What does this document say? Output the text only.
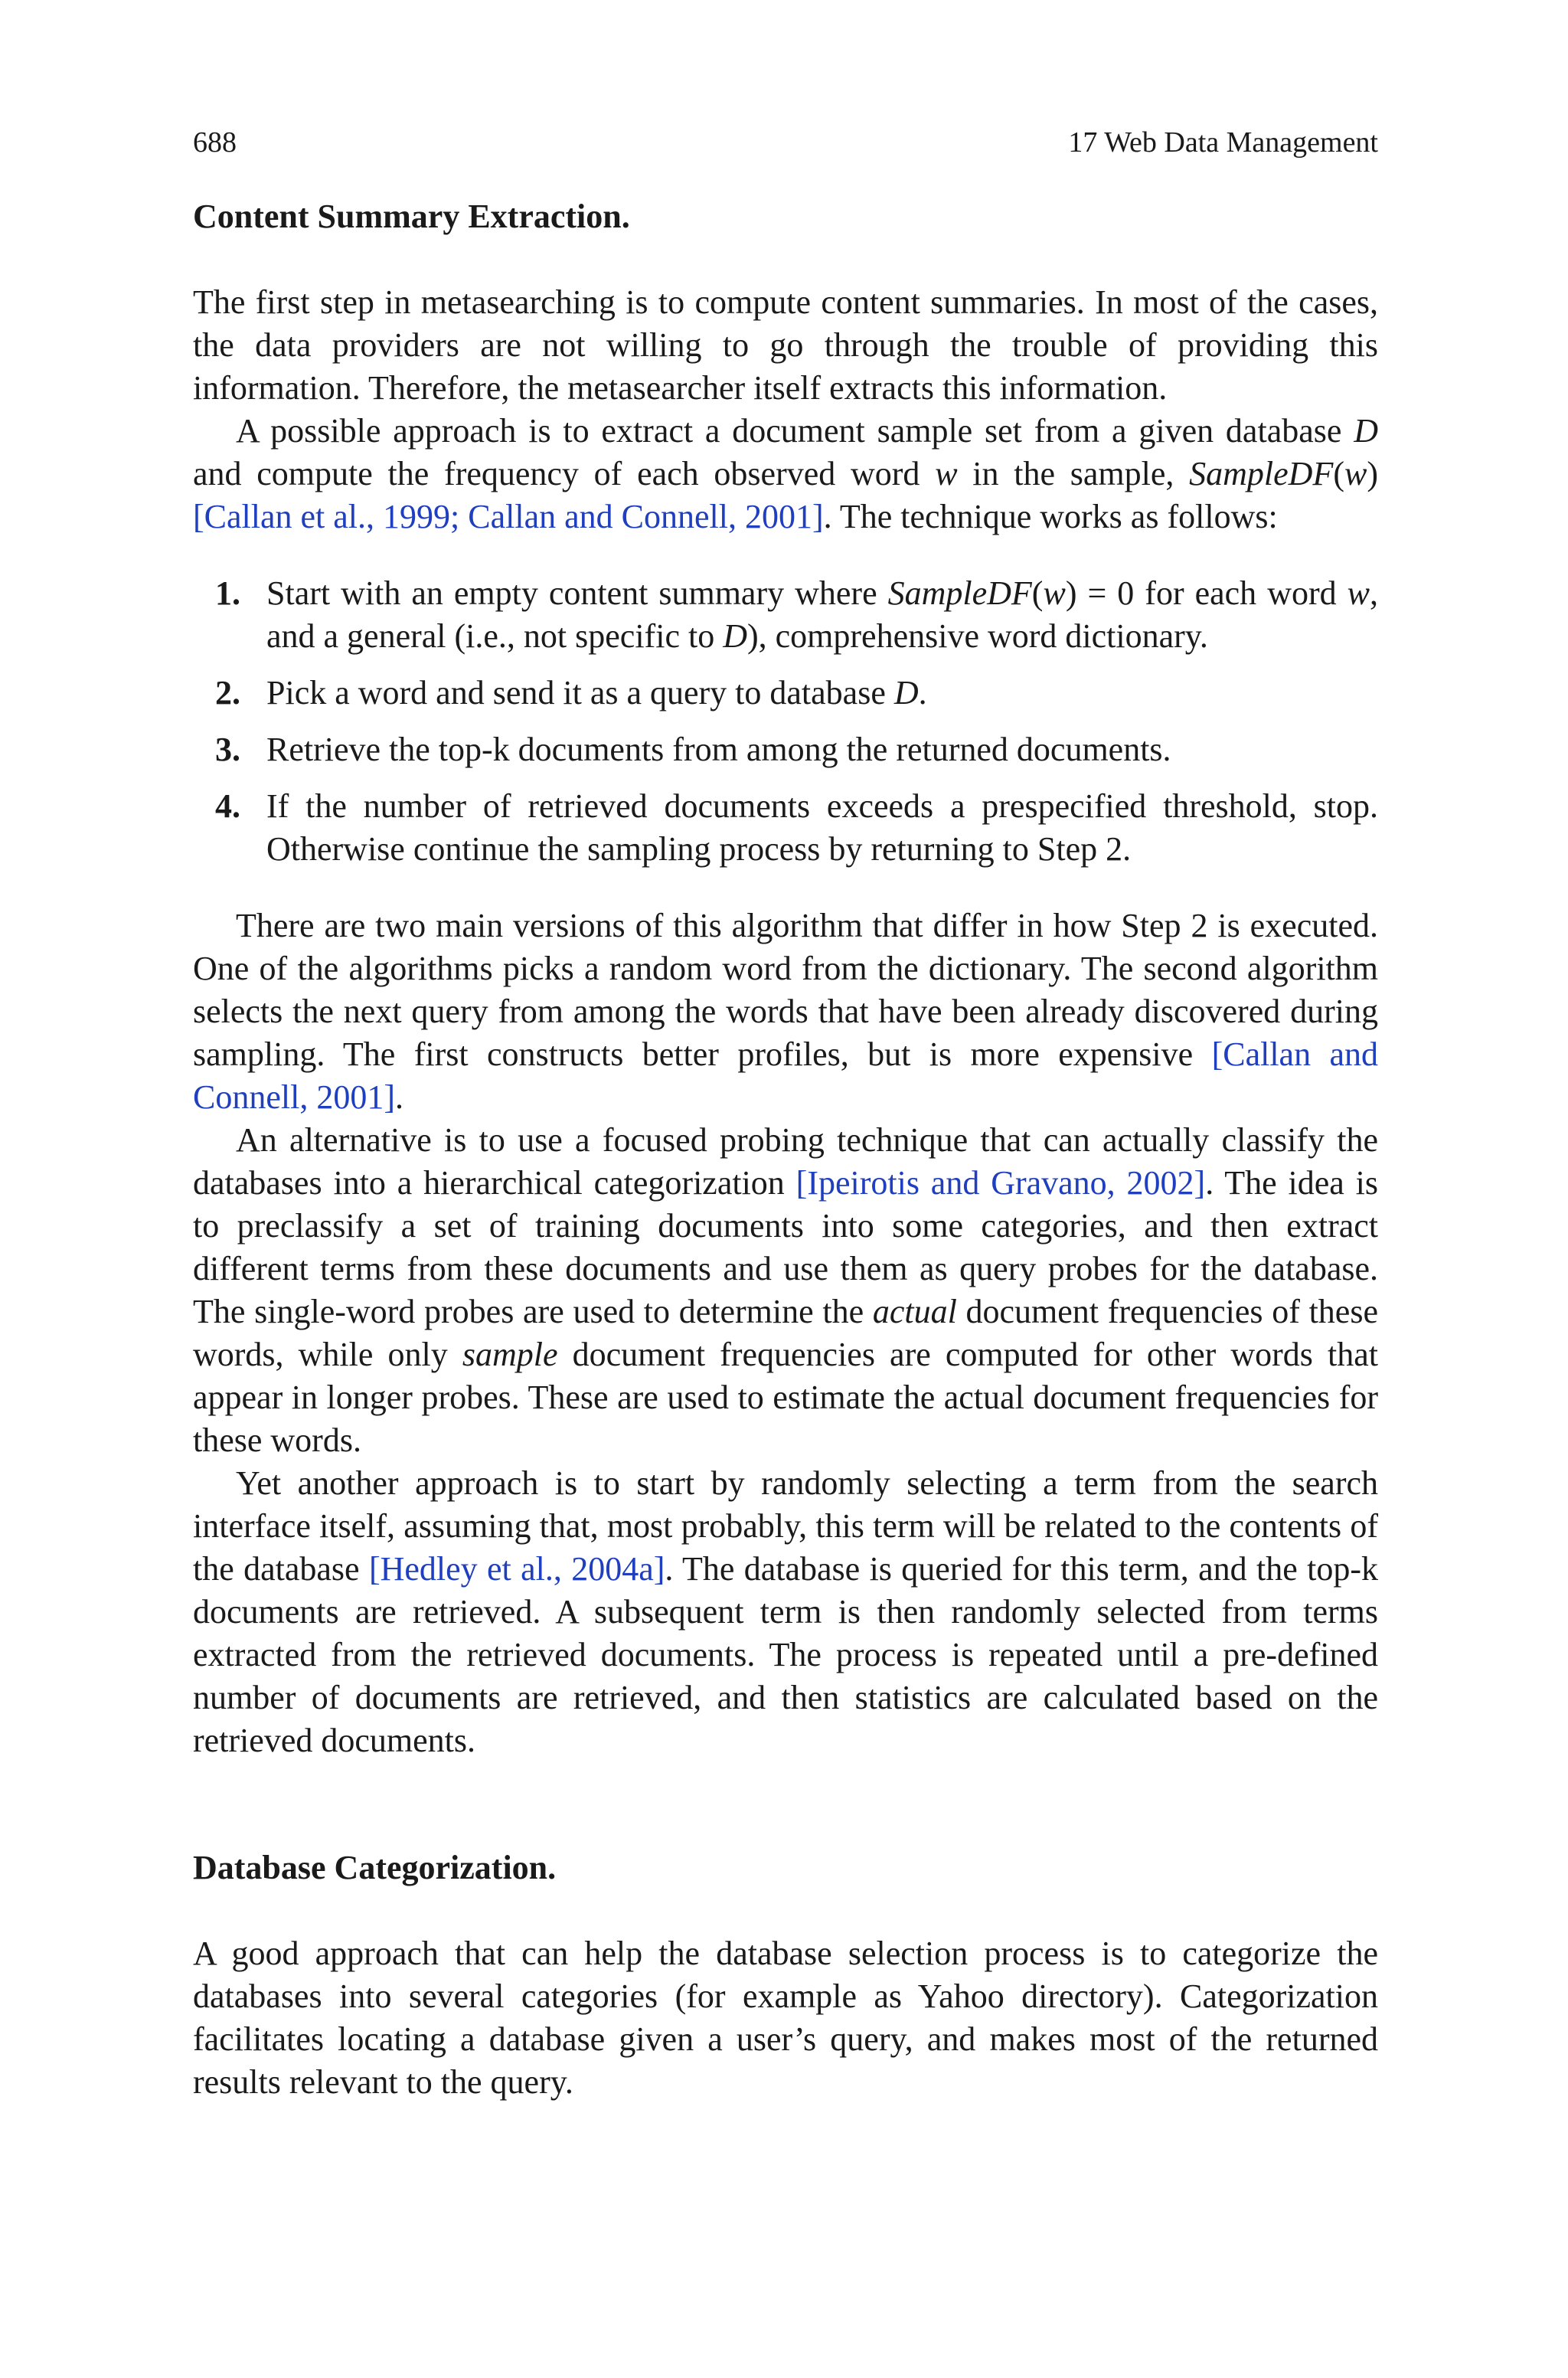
688	17 Web Data Management
Content Summary Extraction.

The first step in metasearching is to compute content summaries. In most of the cases, the data providers are not willing to go through the trouble of providing this information. Therefore, the metasearcher itself extracts this information.

A possible approach is to extract a document sample set from a given database D and compute the frequency of each observed word w in the sample, SampleDF(w) [Callan et al., 1999; Callan and Connell, 2001]. The technique works as follows:

1. Start with an empty content summary where SampleDF(w) = 0 for each word w, and a general (i.e., not specific to D), comprehensive word dictionary.
2. Pick a word and send it as a query to database D.
3. Retrieve the top-k documents from among the returned documents.
4. If the number of retrieved documents exceeds a prespecified threshold, stop. Otherwise continue the sampling process by returning to Step 2.

There are two main versions of this algorithm that differ in how Step 2 is executed. One of the algorithms picks a random word from the dictionary. The second algorithm selects the next query from among the words that have been already discovered during sampling. The first constructs better profiles, but is more expensive [Callan and Connell, 2001].

An alternative is to use a focused probing technique that can actually classify the databases into a hierarchical categorization [Ipeirotis and Gravano, 2002]. The idea is to preclassify a set of training documents into some categories, and then extract different terms from these documents and use them as query probes for the database. The single-word probes are used to determine the actual document frequencies of these words, while only sample document frequencies are computed for other words that appear in longer probes. These are used to estimate the actual document frequencies for these words.

Yet another approach is to start by randomly selecting a term from the search interface itself, assuming that, most probably, this term will be related to the contents of the database [Hedley et al., 2004a]. The database is queried for this term, and the top-k documents are retrieved. A subsequent term is then randomly selected from terms extracted from the retrieved documents. The process is repeated until a pre-defined number of documents are retrieved, and then statistics are calculated based on the retrieved documents.

Database Categorization.

A good approach that can help the database selection process is to categorize the databases into several categories (for example as Yahoo directory). Categorization facilitates locating a database given a user’s query, and makes most of the returned results relevant to the query.
